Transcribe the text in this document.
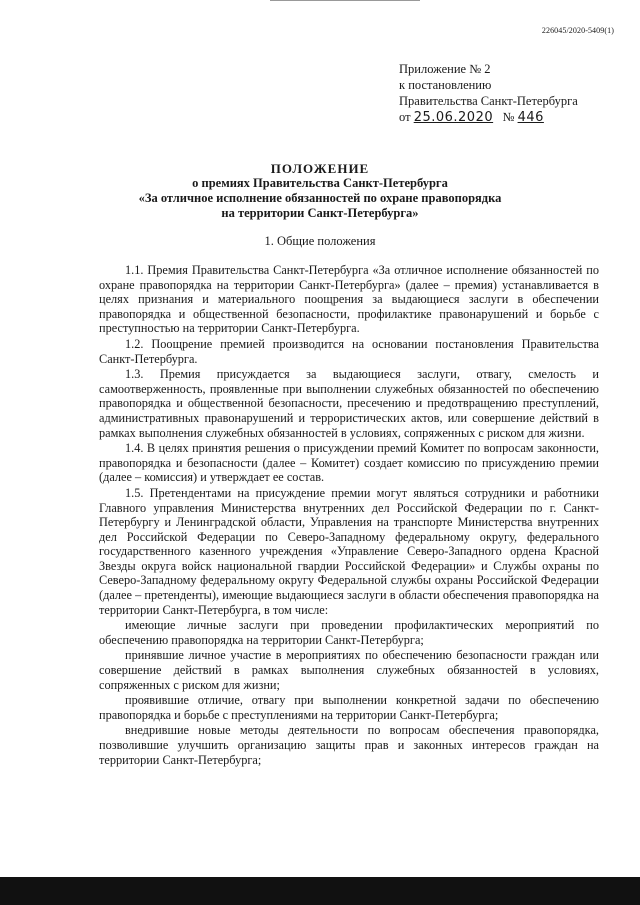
226045/2020-5409(1)
Приложение № 2
к постановлению
Правительства Санкт-Петербурга
от 25.06.2020 № 446
ПОЛОЖЕНИЕ
о премиях Правительства Санкт-Петербурга
«За отличное исполнение обязанностей по охране правопорядка
на территории Санкт-Петербурга»
1. Общие положения

1.1. Премия Правительства Санкт-Петербурга «За отличное исполнение обязанностей по охране правопорядка на территории Санкт-Петербурга» (далее – премия) устанавливается в целях признания и материального поощрения за выдающиеся заслуги в обеспечении правопорядка и общественной безопасности, профилактике правонарушений и борьбе с преступностью на территории Санкт-Петербурга.

1.2. Поощрение премией производится на основании постановления Правительства Санкт-Петербурга.

1.3. Премия присуждается за выдающиеся заслуги, отвагу, смелость и самоотверженность, проявленные при выполнении служебных обязанностей по обеспечению правопорядка и общественной безопасности, пресечению и предотвращению преступлений, административных правонарушений и террористических актов, или совершение действий в рамках выполнения служебных обязанностей в условиях, сопряженных с риском для жизни.

1.4. В целях принятия решения о присуждении премий Комитет по вопросам законности, правопорядка и безопасности (далее – Комитет) создает комиссию по присуждению премии (далее – комиссия) и утверждает ее состав.

1.5. Претендентами на присуждение премии могут являться сотрудники и работники Главного управления Министерства внутренних дел Российской Федерации по г. Санкт-Петербургу и Ленинградской области, Управления на транспорте Министерства внутренних дел Российской Федерации по Северо-Западному федеральному округу, федерального государственного казенного учреждения «Управление Северо-Западного ордена Красной Звезды округа войск национальной гвардии Российской Федерации» и Службы охраны по Северо-Западному федеральному округу Федеральной службы охраны Российской Федерации (далее – претенденты), имеющие выдающиеся заслуги в области обеспечения правопорядка на территории Санкт-Петербурга, в том числе:

имеющие личные заслуги при проведении профилактических мероприятий по обеспечению правопорядка на территории Санкт-Петербурга;

принявшие личное участие в мероприятиях по обеспечению безопасности граждан или совершение действий в рамках выполнения служебных обязанностей в условиях, сопряженных с риском для жизни;

проявившие отличие, отвагу при выполнении конкретной задачи по обеспечению правопорядка и борьбе с преступлениями на территории Санкт-Петербурга;

внедрившие новые методы деятельности по вопросам обеспечения правопорядка, позволившие улучшить организацию защиты прав и законных интересов граждан на территории Санкт-Петербурга;
